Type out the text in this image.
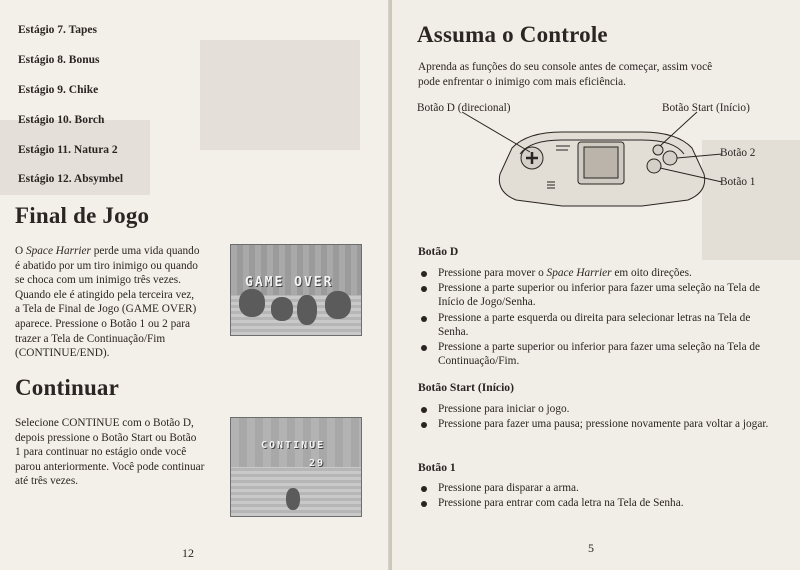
Estágio 7. Tapes
Estágio 8. Bonus
Estágio 9. Chike
Estágio 10. Borch
Estágio 11. Natura 2
Estágio 12. Absymbel
Final de Jogo
O Space Harrier perde uma vida quando
é abatido por um tiro inimigo ou quando
se choca com um inimigo três vezes.
Quando ele é atingido pela terceira vez,
a Tela de Final de Jogo (GAME OVER)
aparece. Pressione o Botão 1 ou 2 para
trazer a Tela de Continuação/Fim
(CONTINUE/END).
GAME OVER
Continuar
Selecione CONTINUE com o Botão D,
depois pressione o Botão Start ou Botão
1 para continuar no estágio onde você
parou anteriormente. Você pode continuar
até três vezes.
CONTINUE
29
12
Assuma o Controle
Aprenda as funções do seu console antes de começar, assim você
pode enfrentar o inimigo com mais eficiência.
Botão D (direcional)	Botão Start (Início)
Botão 2
Botão 1
Botão D
Pressione para mover o Space Harrier em oito direções.
Pressione a parte superior ou inferior para fazer uma seleção na Tela de Início de Jogo/Senha.
Pressione a parte esquerda ou direita para selecionar letras na Tela de Senha.
Pressione a parte superior ou inferior para fazer uma seleção na Tela de Continuação/Fim.
Botão Start (Início)
Pressione para iniciar o jogo.
Pressione para fazer uma pausa; pressione novamente para voltar a jogar.
Botão 1
Pressione para disparar a arma.
Pressione para entrar com cada letra na Tela de Senha.
5
